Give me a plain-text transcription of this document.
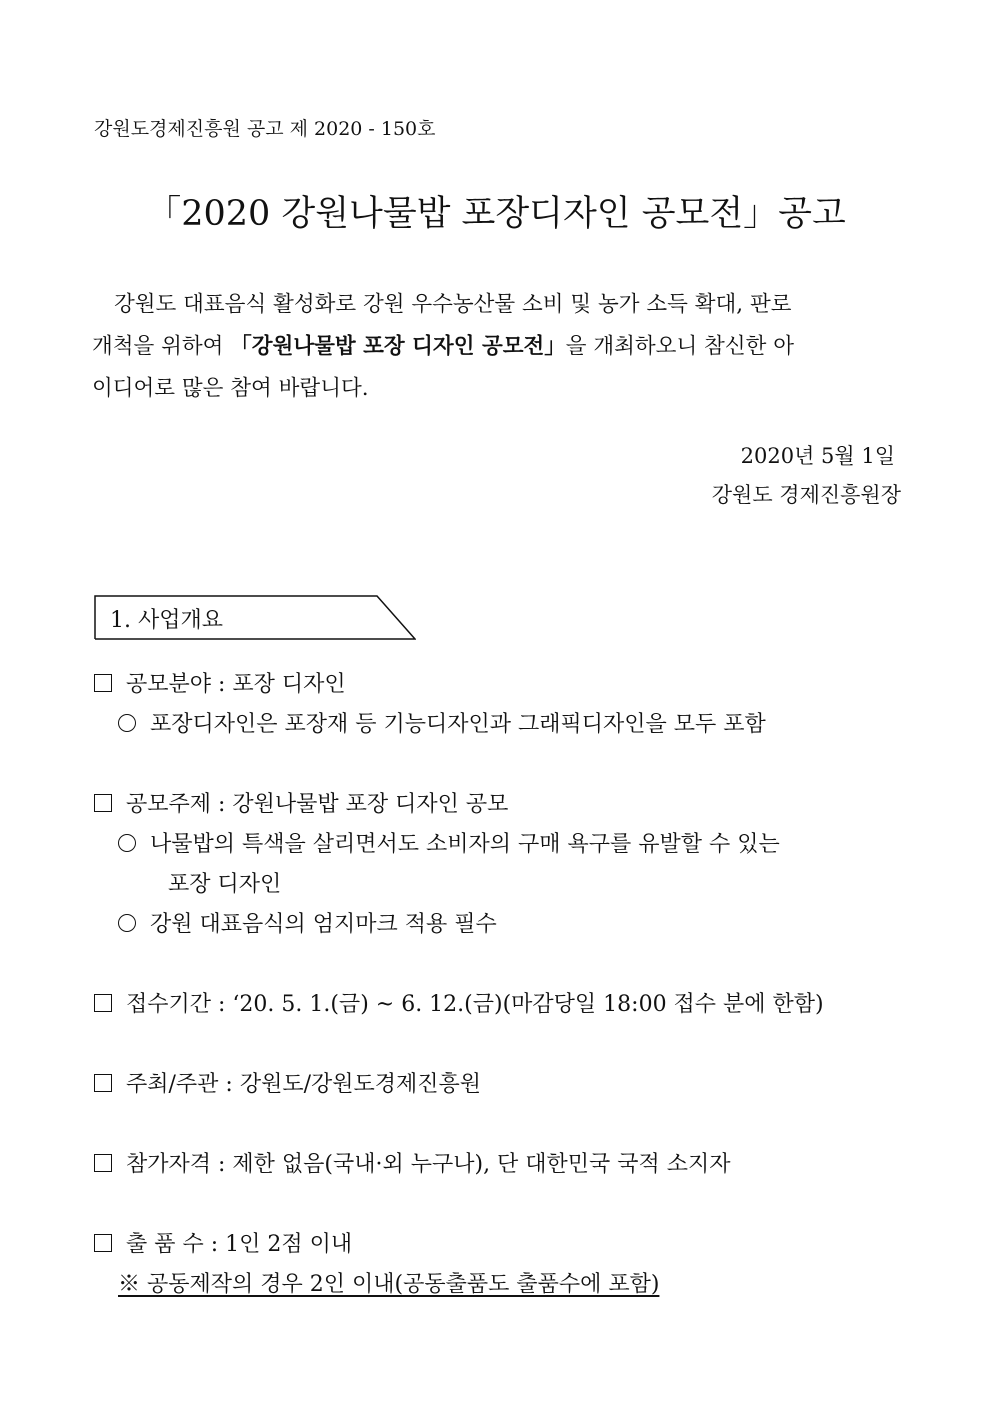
강원도경제진흥원 공고 제 2020 - 150호
「2020 강원나물밥 포장디자인 공모전」공고

강원도 대표음식 활성화로 강원 우수농산물 소비 및 농가 소득 확대, 판로

개척을 위하여 「강원나물밥 포장 디자인 공모전」을 개최하오니 참신한 아

이디어로 많은 참여 바랍니다.

2020년 5월 1일
강원도 경제진흥원장
1. 사업개요
공모분야 : 포장 디자인
포장디자인은 포장재 등 기능디자인과 그래픽디자인을 모두 포함
공모주제 : 강원나물밥 포장 디자인 공모
나물밥의 특색을 살리면서도 소비자의 구매 욕구를 유발할 수 있는
포장 디자인
강원 대표음식의 엄지마크 적용 필수
접수기간 : ‘20. 5. 1.(금) ~ 6. 12.(금)(마감당일 18:00 접수 분에 한함)
주최/주관 : 강원도/강원도경제진흥원
참가자격 : 제한 없음(국내·외 누구나), 단 대한민국 국적 소지자
출 품 수 : 1인 2점 이내
※ 공동제작의 경우 2인 이내(공동출품도 출품수에 포함)
